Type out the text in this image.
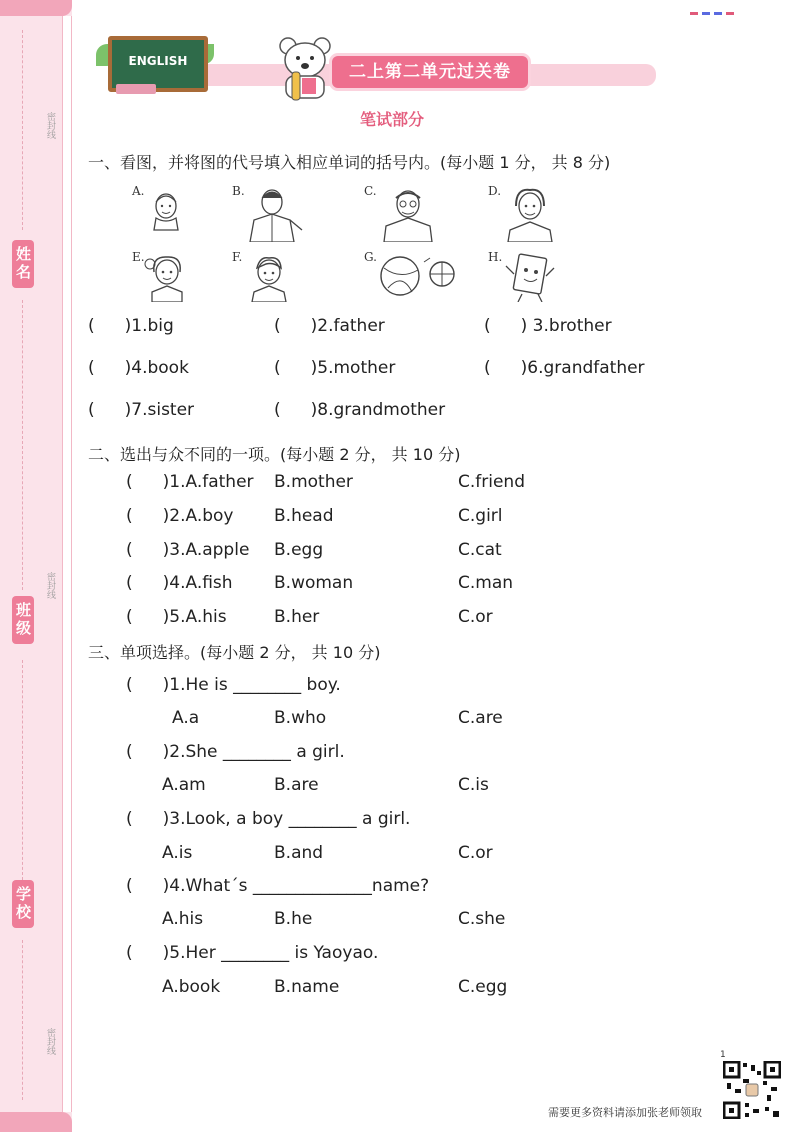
密封线
密封线
密封线
姓名
班级
学校
ENGLISH
二上第二单元过关卷
笔试部分
一、看图，并将图的代号填入相应单词的括号内。(每小题 1 分， 共 8 分)
A.	B.	C.	D.
E.	F.	G.	H.
( )1.big	( )2.father	( ) 3.brother
( )4.book	( )5.mother	( )6.grandfather
( )7.sister	( )8.grandmother
二、选出与众不同的一项。(每小题 2 分， 共 10 分)
( )1.A.father B.mother	C.friend
( )2.A.boy B.head	C.girl
( )3.A.apple B.egg	C.cat
( )4.A.fish B.woman	C.man
( )5.A.his	B.her	C.or
三、单项选择。(每小题 2 分， 共 10 分)
( )1.He is ________ boy.
A.a	B.who	C.are
( )2.She ________ a girl.
A.am	B.are	C.is
( )3.Look, a boy ________ a girl.
A.is	B.and	C.or
( )4.What´s ______________name?
A.his	B.he	C.she
( )5.Her ________ is Yaoyao.
A.book	B.name	C.egg
1
需要更多资料请添加张老师领取
